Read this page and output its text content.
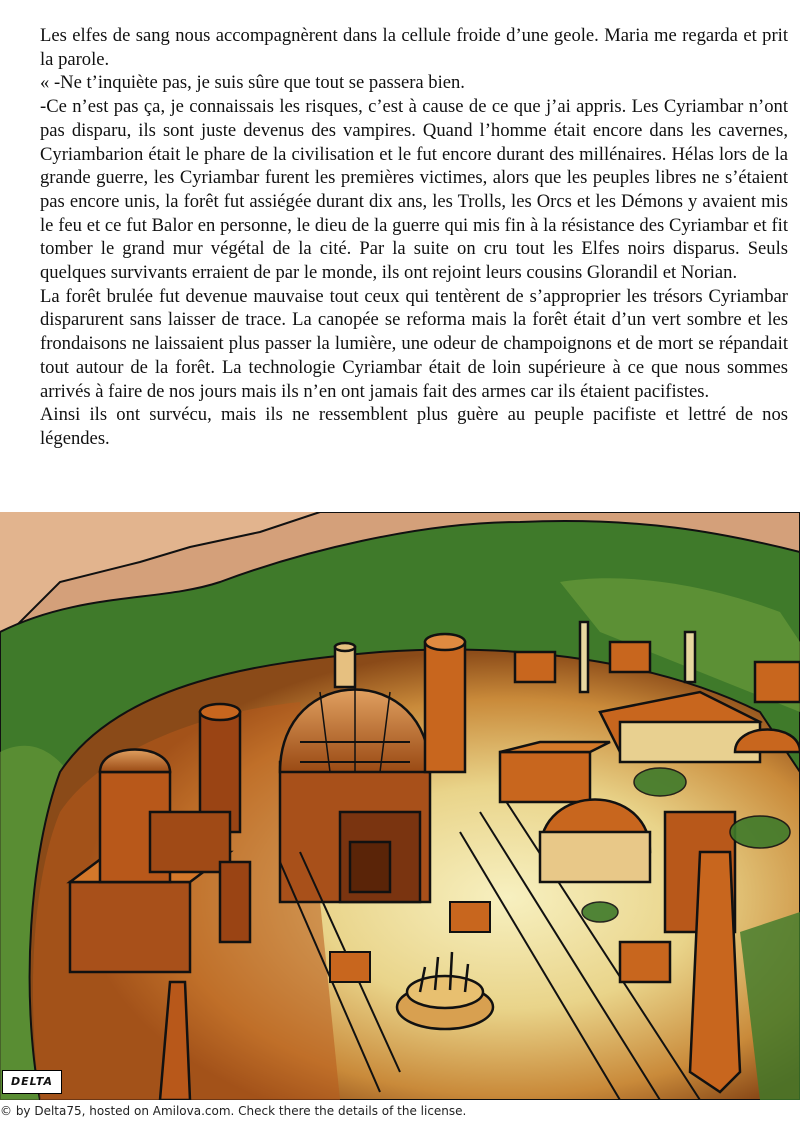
Les elfes de sang nous accompagnèrent dans la cellule froide d’une geole. Maria me regarda et prit la parole.

« -Ne t’inquiète pas, je suis sûre que tout se passera bien.

-Ce n’est pas ça, je connaissais les risques, c’est à cause de ce que j’ai appris. Les Cyriambar n’ont pas disparu, ils sont juste devenus des vampires. Quand l’homme était encore dans les cavernes, Cyriambarion était le phare de la civilisation et le fut encore durant des millénaires. Hélas lors de la grande guerre, les Cyriambar furent les premières victimes, alors que les peuples libres ne s’étaient pas encore unis, la forêt fut assiégée durant dix ans, les Trolls, les Orcs et les Démons y avaient mis le feu et ce fut Balor en personne, le dieu de la guerre qui mis fin à la résistance des Cyriambar et fit tomber le grand mur végétal de la cité. Par la suite on cru tout les Elfes noirs disparus. Seuls quelques survivants erraient de par le monde, ils ont rejoint leurs cousins Glorandil et Norian.

La forêt brulée fut devenue mauvaise tout ceux qui tentèrent de s’approprier les trésors Cyriambar disparurent sans laisser de trace. La canopée se reforma mais la forêt était d’un vert sombre et les frondaisons ne laissaient plus passer la lumière, une odeur de champoignons et de mort se répandait tout autour de la forêt. La technologie Cyriambar était de loin supérieure à ce que nous sommes arrivés à faire de nos jours mais ils n’en ont jamais fait des armes car ils étaient pacifistes.

Ainsi ils ont survécu, mais ils ne ressemblent plus guère au peuple pacifiste et lettré de nos légendes.

DELTA
© by Delta75, hosted on Amilova.com. Check there the details of the license.
